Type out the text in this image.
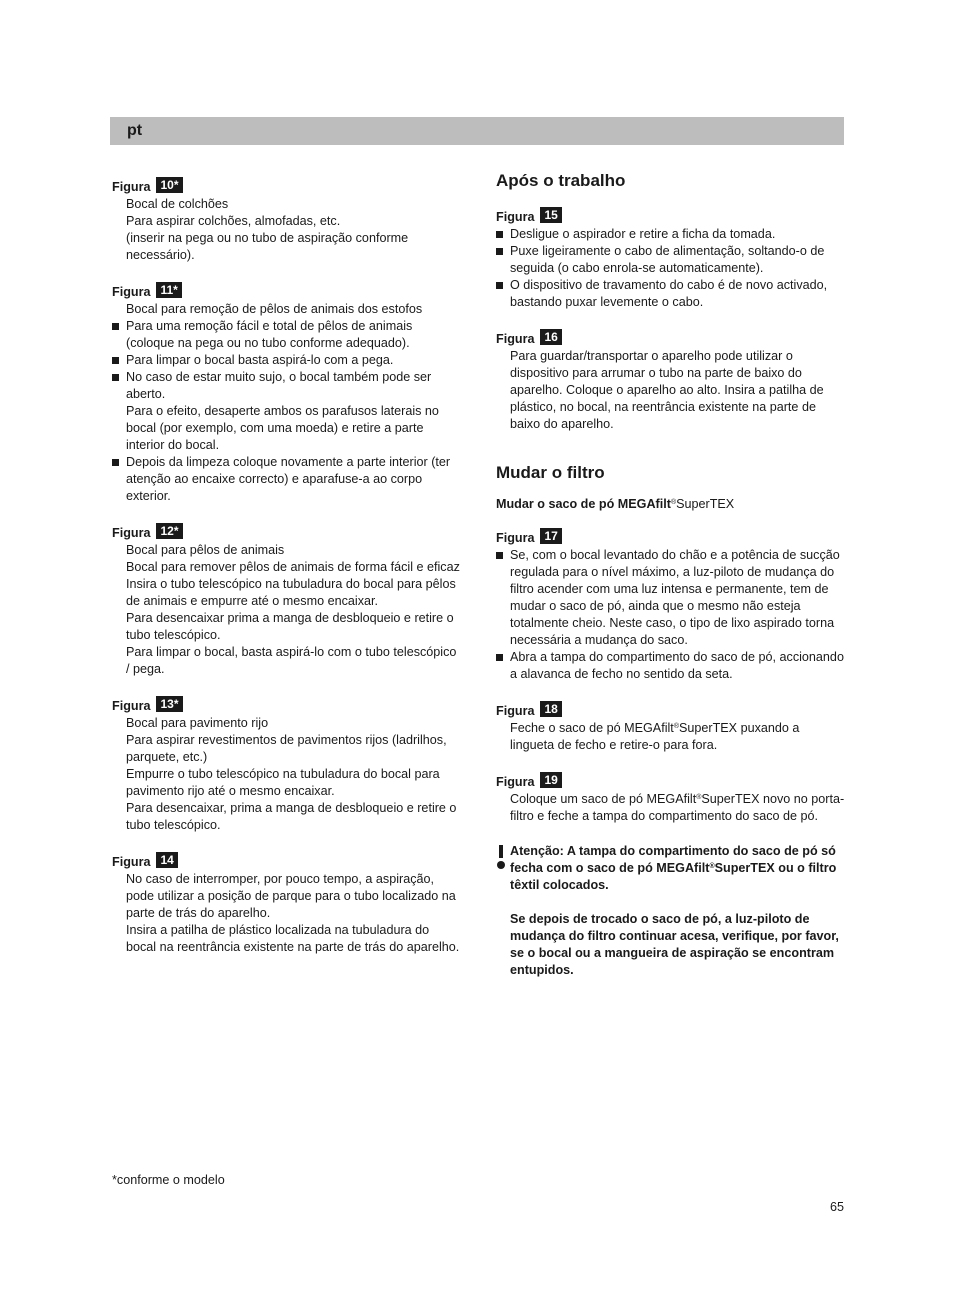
pt
Figura 10*

Bocal de colchões

Para aspirar colchões, almofadas, etc.

(inserir na pega ou no tubo de aspiração conforme necessário).

Figura 11*

Bocal para remoção de pêlos de animais dos estofos

Para uma remoção fácil e total de pêlos de animais (coloque na pega ou no tubo conforme adequado).
Para limpar o bocal basta aspirá-lo com a pega.
No caso de estar muito sujo, o bocal também pode ser aberto.
Para o efeito, desaperte ambos os parafusos laterais no bocal (por exemplo, com uma moeda) e retire a parte interior do bocal.
Depois da limpeza coloque novamente a parte interior (ter atenção ao encaixe correcto) e aparafuse-a ao corpo exterior.
Figura 12*

Bocal para pêlos de animais

Bocal para remover pêlos de animais de forma fácil e eficaz

Insira o tubo telescópico na tubuladura do bocal para pêlos de animais e empurre até o mesmo encaixar.

Para desencaixar prima a manga de desbloqueio e retire o tubo telescópico.

Para limpar o bocal, basta aspirá-lo com o tubo telescópico / pega.

Figura 13*

Bocal para pavimento rijo

Para aspirar revestimentos de pavimentos rijos (ladrilhos, parquete, etc.)

Empurre o tubo telescópico na tubuladura do bocal para pavimento rijo até o mesmo encaixar.

Para desencaixar, prima a manga de desbloqueio e retire o tubo telescópico.

Figura 14

No caso de interromper, por pouco tempo, a aspiração, pode utilizar a posição de parque para o tubo localizado na parte de trás do aparelho.

Insira a patilha de plástico localizada na tubuladura do bocal na reentrância existente na parte de trás do aparelho.

Após o trabalho
Figura 15
Desligue o aspirador e retire a ficha da tomada.
Puxe ligeiramente o cabo de alimentação, soltando-o de seguida (o cabo enrola-se automaticamente).
O dispositivo de travamento do cabo é de novo activado, bastando puxar levemente o cabo.
Figura 16

Para guardar/transportar o aparelho pode utilizar o dispositivo para arrumar o tubo na parte de baixo do aparelho. Coloque o aparelho ao alto. Insira a patilha de plástico, no bocal, na reentrância existente na parte de baixo do aparelho.

Mudar o filtro
Mudar o saco de pó MEGAfilt®SuperTEX
Figura 17
Se, com o bocal levantado do chão e a potência de sucção regulada para o nível máximo, a luz-piloto de mudança do filtro acender com uma luz intensa e permanente, tem de mudar o saco de pó, ainda que o mesmo não esteja totalmente cheio. Neste caso, o tipo de lixo aspirado torna necessária a mudança do saco.
Abra a tampa do compartimento do saco de pó, accionando a alavanca de fecho no sentido da seta.
Figura 18

Feche o saco de pó MEGAfilt®SuperTEX puxando a lingueta de fecho e retire-o para fora.

Figura 19

Coloque um saco de pó MEGAfilt®SuperTEX novo no porta-filtro e feche a tampa do compartimento do saco de pó.

Atenção: A tampa do compartimento do saco de pó só fecha com o saco de pó MEGAfilt®SuperTEX ou o filtro têxtil colocados.

Se depois de trocado o saco de pó, a luz-piloto de mudança do filtro continuar acesa, verifique, por favor, se o bocal ou a mangueira de aspiração se encontram entupidos.

*conforme o modelo
65
